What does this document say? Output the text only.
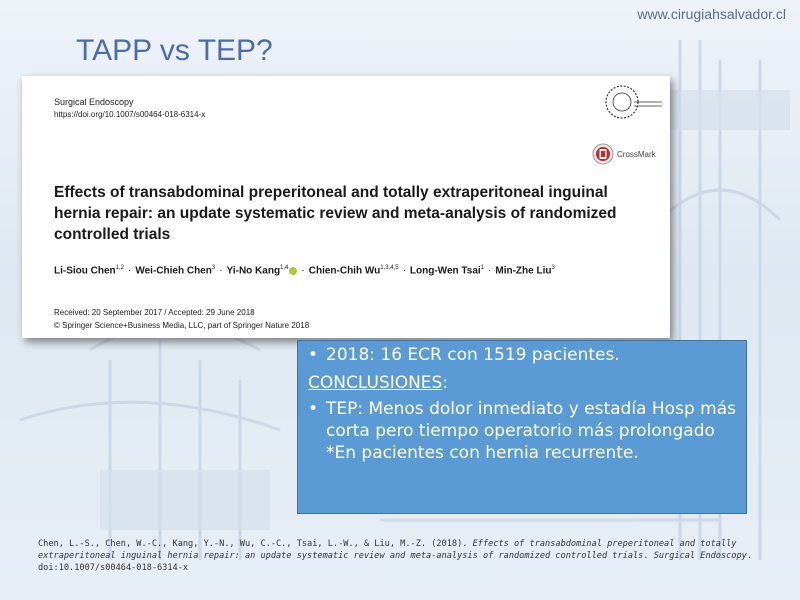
www.cirugiahsalvador.cl
TAPP vs TEP?
Surgical Endoscopy
https://doi.org/10.1007/s00464-018-6314-x
CrossMark
Effects of transabdominal preperitoneal and totally extraperitoneal inguinal hernia repair: an update systematic review and meta-analysis of randomized controlled trials
Li-Siou Chen$^{1,2}$ · Wei-Chieh Chen$^3$ · Yi-No Kang$^{1,4}$ · Chien-Chih Wu$^{1,3,4,5}$ · Long-Wen Tsai$^1$ · Min-Zhe Liu$^3$
Received: 20 September 2017 / Accepted: 29 June 2018
© Springer Science+Business Media, LLC, part of Springer Nature 2018
• 2018: 16 ECR con 1519 pacientes.
CONCLUSIONES:
• TEP: Menos dolor inmediato y estadía Hosp más corta pero tiempo operatorio más prolongado *En pacientes con hernia recurrente.
Chen, L.-S., Chen, W.-C., Kang, Y.-N., Wu, C.-C., Tsai, L.-W., & Liu, M.-Z. (2018). Effects of transabdominal preperitoneal and totally extraperitoneal inguinal hernia repair: an update systematic review and meta-analysis of randomized controlled trials. Surgical Endoscopy. doi:10.1007/s00464-018-6314-x
